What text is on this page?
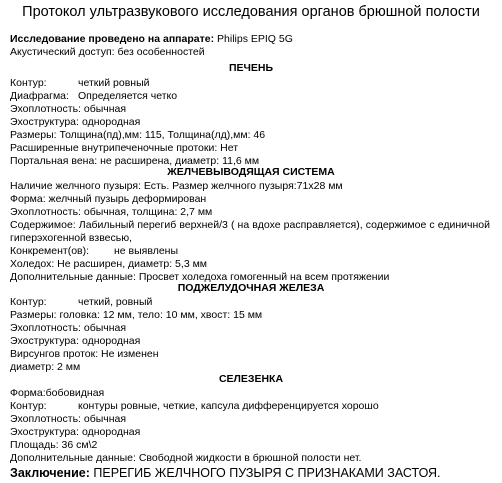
Протокол ультразвукового исследования органов брюшной полости
Исследование проведено на аппарате: Philips EPIQ 5G
Акустический доступ: без особенностей
ПЕЧЕНЬ
Контур:	четкий ровный
Диафрагма: Определяется четко
Эхоплотность: обычная
Эхоструктура: однородная
Размеры: Толщина(пд),мм: 115, Толщина(лд),мм: 46
Расширенные внутрипеченочные протоки: Нет
Портальная вена: не расширена, диаметр: 11,6 мм
ЖЕЛЧЕВЫВОДЯЩАЯ СИСТЕМА
Наличие желчного пузыря: Есть. Размер желчного пузыря:71х28 мм
Форма: желчный пузырь деформирован
Эхоплотность: обычная, толщина: 2,7 мм
Содержимое: Лабильный перегиб верхней/3 ( на вдохе расправляется), содержимое с единичной гиперэхогенной взвесью,
Конкремент(ов): не выявлены
Холедох: Не расширен, диаметр: 5,3 мм
Дополнительные данные: Просвет холедоха гомогенный на всем протяжении
ПОДЖЕЛУДОЧНАЯ ЖЕЛЕЗА
Контур:	четкий, ровный
Размеры: головка: 12 мм, тело: 10 мм, хвост: 15 мм
Эхоплотность: обычная
Эхоструктура: однородная
Вирсунгов проток: Не изменен
диаметр: 2 мм
СЕЛЕЗЕНКА
Форма:бобовидная
Контур:	контуры ровные, четкие, капсула дифференцируется хорошо
Эхоплотность: обычная
Эхоструктура: однородная
Площадь: 36 см\2
Дополнительные данные: Свободной жидкости в брюшной полости нет.
Заключение: ПЕРЕГИБ ЖЕЛЧНОГО ПУЗЫРЯ С ПРИЗНАКАМИ ЗАСТОЯ.
